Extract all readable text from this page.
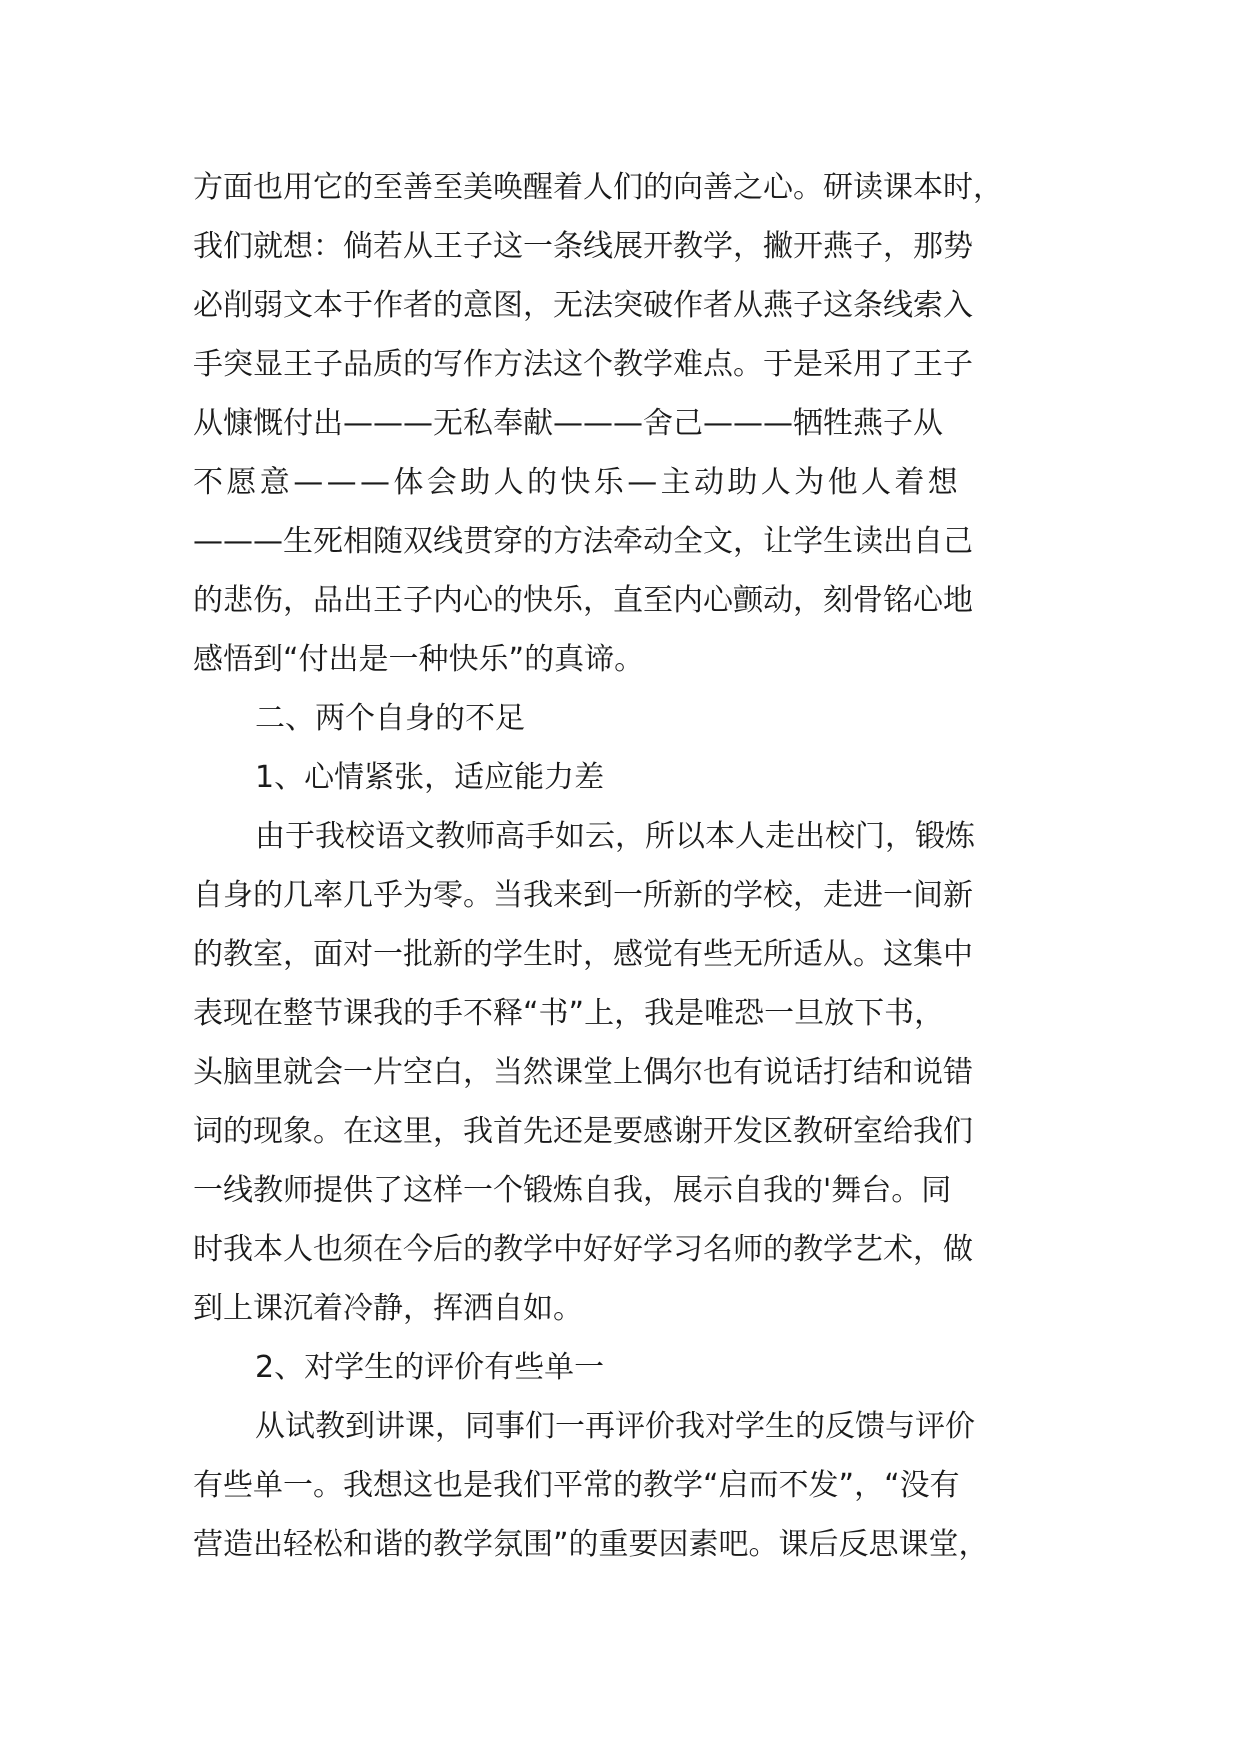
方面也用它的至善至美唤醒着人们的向善之心。研读课本时，
我们就想：倘若从王子这一条线展开教学，撇开燕子，那势
必削弱文本于作者的意图，无法突破作者从燕子这条线索入
手突显王子品质的写作方法这个教学难点。于是采用了王子
从慷慨付出———无私奉献———舍己———牺牲燕子从
不愿意———体会助人的快乐—主动助人为他人着想
———生死相随双线贯穿的方法牵动全文，让学生读出自己
的悲伤，品出王子内心的快乐，直至内心颤动，刻骨铭心地
感悟到“付出是一种快乐”的真谛。
二、两个自身的不足
1、心情紧张，适应能力差
由于我校语文教师高手如云，所以本人走出校门，锻炼
自身的几率几乎为零。当我来到一所新的学校，走进一间新
的教室，面对一批新的学生时，感觉有些无所适从。这集中
表现在整节课我的手不释“书”上，我是唯恐一旦放下书，
头脑里就会一片空白，当然课堂上偶尔也有说话打结和说错
词的现象。在这里，我首先还是要感谢开发区教研室给我们
一线教师提供了这样一个锻炼自我，展示自我的'舞台。同
时我本人也须在今后的教学中好好学习名师的教学艺术，做
到上课沉着冷静，挥洒自如。
2、对学生的评价有些单一
从试教到讲课，同事们一再评价我对学生的反馈与评价
有些单一。我想这也是我们平常的教学“启而不发”，“没有
营造出轻松和谐的教学氛围”的重要因素吧。课后反思课堂，
